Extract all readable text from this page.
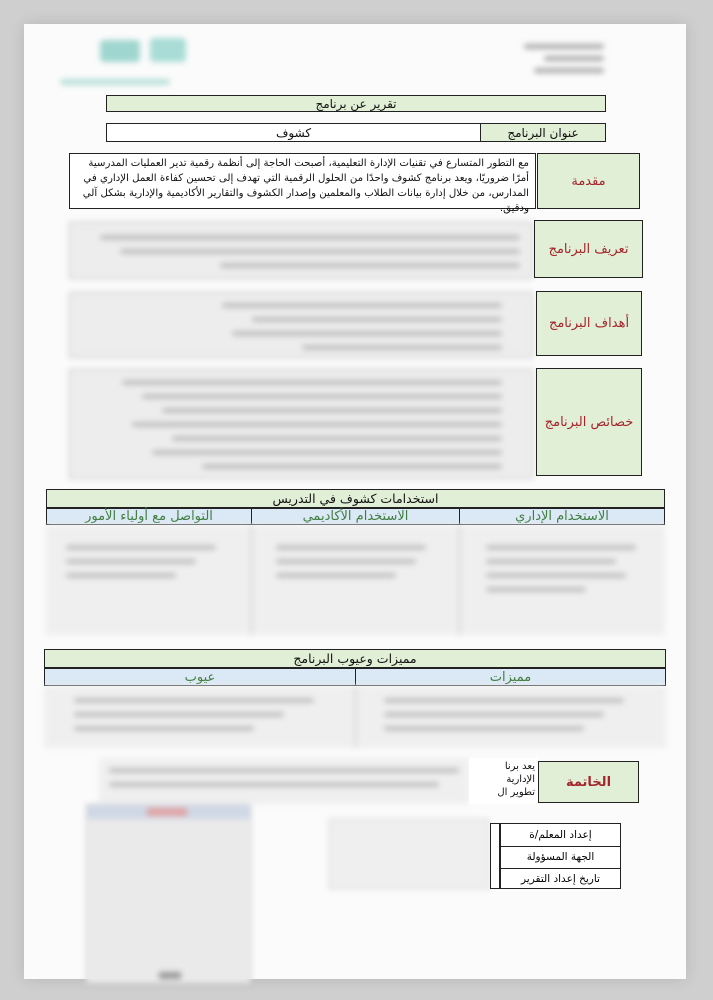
تقرير عن برنامج
كشوف	عنوان البرنامج
مع التطور المتسارع في تقنيات الإدارة التعليمية، أصبحت الحاجة إلى أنظمة رقمية تدير العمليات المدرسية أمرًا ضروريًا، ويعد برنامج كشوف واحدًا من الحلول الرقمية التي تهدف إلى تحسين كفاءة العمل الإداري في المدارس، من خلال إدارة بيانات الطلاب والمعلمين وإصدار الكشوف والتقارير الأكاديمية والإدارية بشكل آلي ودقيق.
مقدمة
تعريف البرنامج
أهداف البرنامج
خصائص البرنامج
استخدامات كشوف في التدريس
الاستخدام الإداري
الاستخدام الأكاديمي
التواصل مع أولياء الأمور
مميزات وعيوب البرنامج
مميزات
عيوب
يعد برنا
الإدارية
تطوير ال
الخاتمة
إعداد المعلم/ة
الجهة المسؤولة
تاريخ إعداد التقرير
